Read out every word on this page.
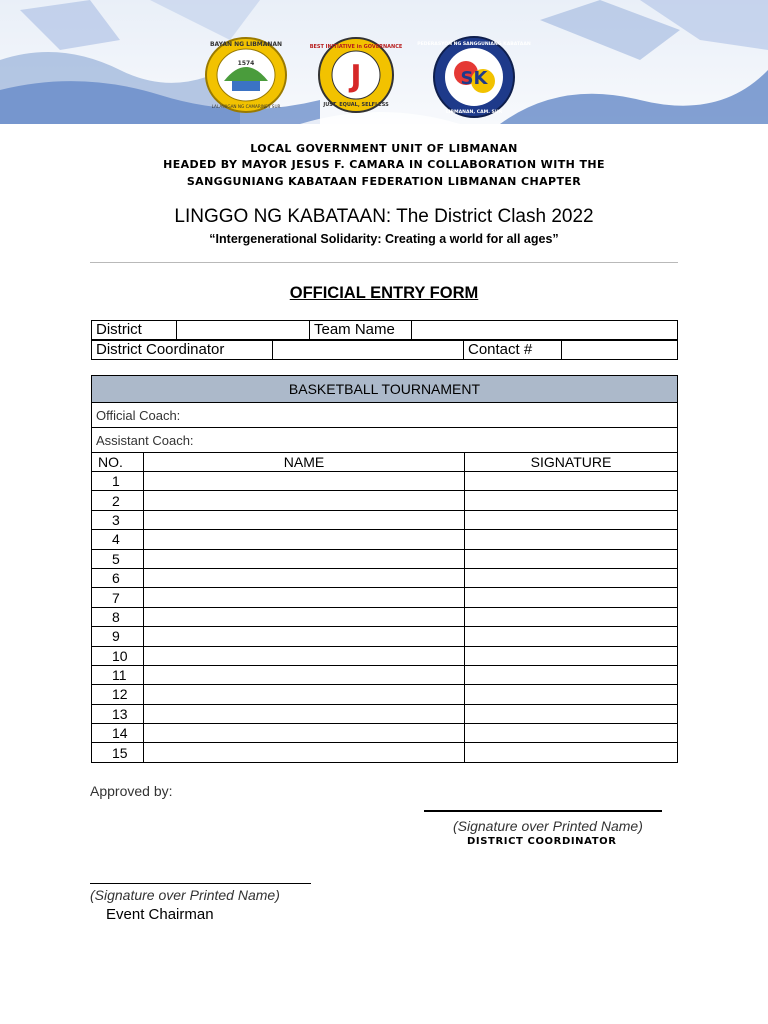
1574
BAYAN NG LIBMANAN
LALAWIGAN NG CAMARINES SUR
J
BEST INITIATIVE in GOVERNANCE
JUST, EQUAL, SELFLESS
SK
PEDERASYON NG SANGGUNIANG KABATAAN
LIBMANAN, CAM. SUR
LOCAL GOVERNMENT UNIT OF LIBMANAN
HEADED BY MAYOR JESUS F. CAMARA IN COLLABORATION WITH THE
SANGGUNIANG KABATAAN FEDERATION LIBMANAN CHAPTER
LINGGO NG KABATAAN: The District Clash 2022
“Intergenerational Solidarity: Creating a world for all ages”
OFFICIAL ENTRY FORM
District		Team Name	
District Coordinator		Contact #	
BASKETBALL TOURNAMENT		
Official Coach:		
Assistant Coach:		
NO.	NAME	SIGNATURE
1		
2		
3		
4		
5		
6		
7		
8		
9		
10		
11		
12		
13		
14		
15		
Approved by:
(Signature over Printed Name)
DISTRICT COORDINATOR
(Signature over Printed Name)
Event Chairman
